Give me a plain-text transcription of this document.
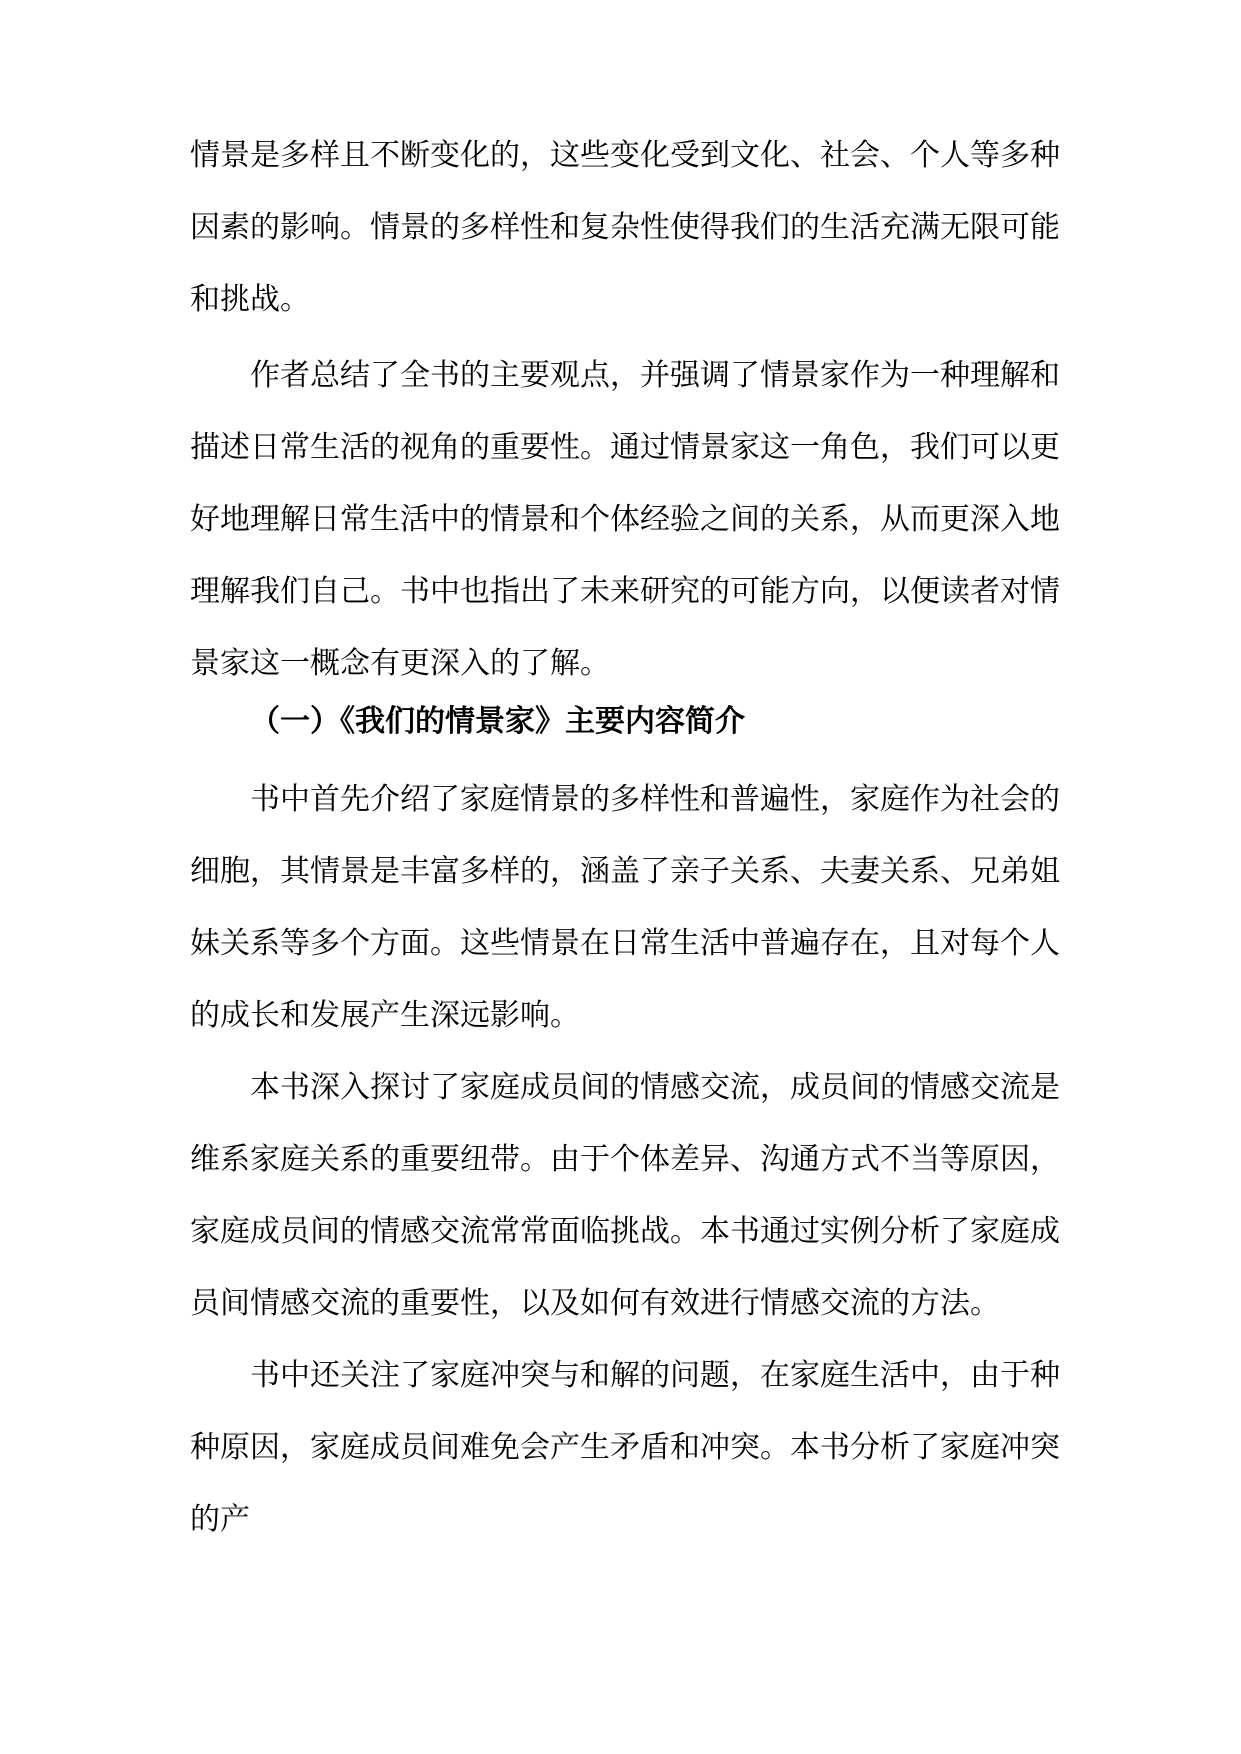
情景是多样且不断变化的，这些变化受到文化、社会、个人等多种因素的影响。情景的多样性和复杂性使得我们的生活充满无限可能和挑战。

作者总结了全书的主要观点，并强调了情景家作为一种理解和描述日常生活的视角的重要性。通过情景家这一角色，我们可以更好地理解日常生活中的情景和个体经验之间的关系，从而更深入地理解我们自己。书中也指出了未来研究的可能方向，以便读者对情景家这一概念有更深入的了解。

（一）《我们的情景家》主要内容简介

书中首先介绍了家庭情景的多样性和普遍性，家庭作为社会的细胞，其情景是丰富多样的，涵盖了亲子关系、夫妻关系、兄弟姐妹关系等多个方面。这些情景在日常生活中普遍存在，且对每个人的成长和发展产生深远影响。

本书深入探讨了家庭成员间的情感交流，成员间的情感交流是维系家庭关系的重要纽带。由于个体差异、沟通方式不当等原因，家庭成员间的情感交流常常面临挑战。本书通过实例分析了家庭成员间情感交流的重要性，以及如何有效进行情感交流的方法。

书中还关注了家庭冲突与和解的问题，在家庭生活中，由于种种原因，家庭成员间难免会产生矛盾和冲突。本书分析了家庭冲突的产
